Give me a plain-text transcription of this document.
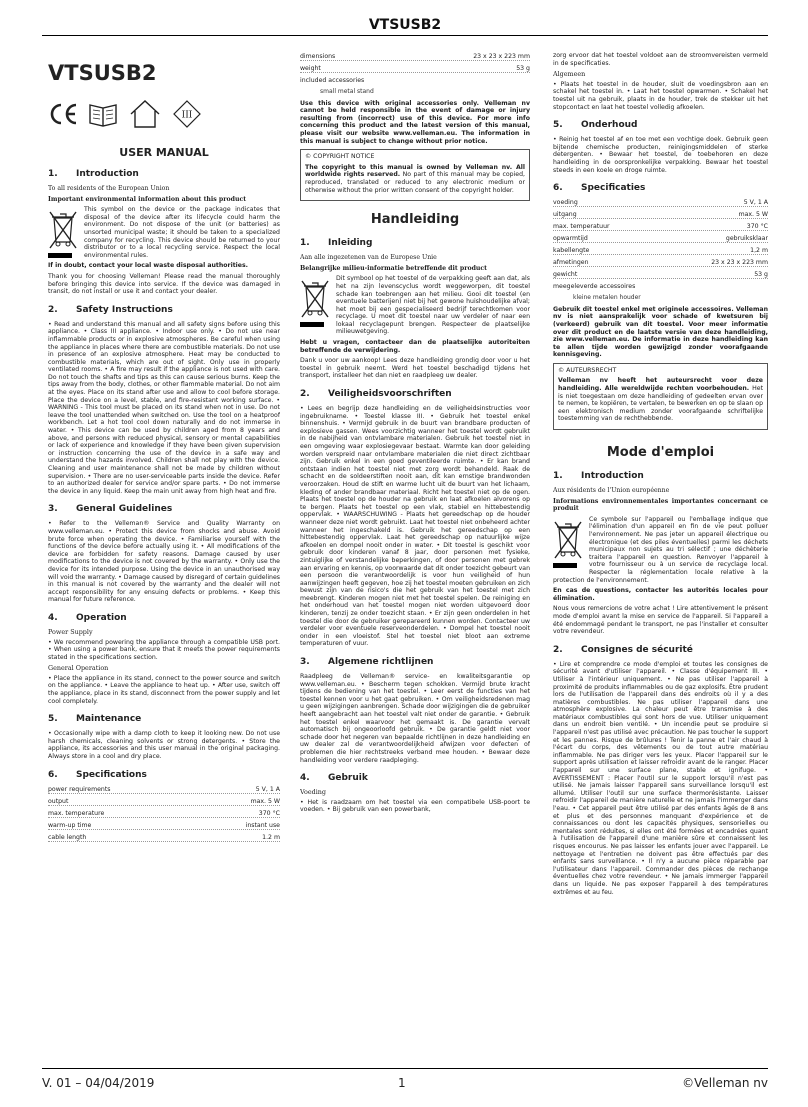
VTSUSB2
VTSUSB2
III
USER MANUAL
1.	Introduction

To all residents of the European Union

Important environmental information about this product

This symbol on the device or the package indicates that disposal of the device after its lifecycle could harm the environment. Do not dispose of the unit (or batteries) as unsorted municipal waste; it should be taken to a specialized company for recycling. This device should be returned to your distributor or to a local recycling service. Respect the local environmental rules.

If in doubt, contact your local waste disposal authorities.

Thank you for choosing Velleman! Please read the manual thoroughly before bringing this device into service. If the device was damaged in transit, do not install or use it and contact your dealer.

2.	Safety Instructions

• Read and understand this manual and all safety signs before using this appliance. • Class III appliance. • Indoor use only. • Do not use near inflammable products or in explosive atmospheres. Be careful when using the appliance in places where there are combustible materials. Do not use in presence of an explosive atmosphere. Heat may be conducted to combustible materials, which are out of sight. Only use in properly ventilated rooms. • A fire may result if the appliance is not used with care. Do not touch the shafts and tips as this can cause serious burns. Keep the tips away from the body, clothes, or other flammable material. Do not aim at the eyes. Place on its stand after use and allow to cool before storage. Place the device on a level, stable, and fire-resistant working surface. • WARNING - This tool must be placed on its stand when not in use. Do not leave the tool unattended when switched on. Use the tool on a heatproof workbench. Let a hot tool cool down naturally and do not immerse in water. • This device can be used by children aged from 8 years and above, and persons with reduced physical, sensory or mental capabilities or lack of experience and knowledge if they have been given supervision or instruction concerning the use of the device in a safe way and understand the hazards involved. Children shall not play with the device. Cleaning and user maintenance shall not be made by children without supervision. • There are no user-serviceable parts inside the device. Refer to an authorized dealer for service and/or spare parts. • Do not immerse the device in any liquid. Keep the main unit away from high heat and fire.

3.	General Guidelines

• Refer to the Velleman® Service and Quality Warranty on www.velleman.eu. • Protect this device from shocks and abuse. Avoid brute force when operating the device. • Familiarise yourself with the functions of the device before actually using it. • All modifications of the device are forbidden for safety reasons. Damage caused by user modifications to the device is not covered by the warranty. • Only use the device for its intended purpose. Using the device in an unauthorised way will void the warranty. • Damage caused by disregard of certain guidelines in this manual is not covered by the warranty and the dealer will not accept responsibility for any ensuing defects or problems. • Keep this manual for future reference.

4.	Operation
Power Supply

• We recommend powering the appliance through a compatible USB port. • When using a power bank, ensure that it meets the power requirements stated in the specifications section.

General Operation

• Place the appliance in its stand, connect to the power source and switch on the appliance. • Leave the appliance to heat up. • After use, switch off the appliance, place in its stand, disconnect from the power supply and let cool completely.

5.	Maintenance

• Occasionally wipe with a damp cloth to keep it looking new. Do not use harsh chemicals, cleaning solvents or strong detergents. • Store the appliance, its accessories and this user manual in the original packaging. Always store in a cool and dry place.

6.	Specifications
power requirements	5 V, 1 A
output	max. 5 W
max. temperature	370 °C
warm-up time	instant use
cable length	1.2 m
dimensions	23 x 23 x 223 mm
weight	53 g
included accessories

small metal stand

Use this device with original accessories only. Velleman nv cannot be held responsible in the event of damage or injury resulting from (incorrect) use of this device. For more info concerning this product and the latest version of this manual, please visit our website www.velleman.eu. The information in this manual is subject to change without prior notice.

© COPYRIGHT NOTICE

The copyright to this manual is owned by Velleman nv. All worldwide rights reserved. No part of this manual may be copied, reproduced, translated or reduced to any electronic medium or otherwise without the prior written consent of the copyright holder.

Handleiding
1.	Inleiding

Aan alle ingezetenen van de Europese Unie

Belangrijke milieu-informatie betreffende dit product

Dit symbool op het toestel of de verpakking geeft aan dat, als het na zijn levenscyclus wordt weggeworpen, dit toestel schade kan toebrengen aan het milieu. Gooi dit toestel (en eventuele batterijen) niet bij het gewone huishoudelijke afval; het moet bij een gespecialiseerd bedrijf terechtkomen voor recyclage. U moet dit toestel naar uw verdeler of naar een lokaal recyclagepunt brengen. Respecteer de plaatselijke milieuwetgeving.

Hebt u vragen, contacteer dan de plaatselijke autoriteiten betreffende de verwijdering.

Dank u voor uw aankoop! Lees deze handleiding grondig door voor u het toestel in gebruik neemt. Werd het toestel beschadigd tijdens het transport, installeer het dan niet en raadpleeg uw dealer.

2.	Veiligheidsvoorschriften

• Lees en begrijp deze handleiding en de veiligheidsinstructies voor ingebruikname. • Toestel klasse III. • Gebruik het toestel enkel binnenshuis. • Vermijd gebruik in de buurt van brandbare producten of explosieve gassen. Wees voorzichtig wanneer het toestel wordt gebruikt in de nabijheid van ontvlambare materialen. Gebruik het toestel niet in een omgeving waar explosiegevaar bestaat. Warmte kan door geleiding worden verspreid naar ontvlambare materialen die niet direct zichtbaar zijn. Gebruik enkel in een goed geventileerde ruimte. • Er kan brand ontstaan indien het toestel niet met zorg wordt behandeld. Raak de schacht en de soldeerstiften nooit aan, dit kan ernstige brandwonden veroorzaken. Houd de stift en warme lucht uit de buurt van het lichaam, kleding of ander brandbaar materiaal. Richt het toestel niet op de ogen. Plaats het toestel op de houder na gebruik en laat afkoelen alvorens op te bergen. Plaats het toestel op een vlak, stabiel en hittebestendig oppervlak. • WAARSCHUWING - Plaats het gereedschap op de houder wanneer deze niet wordt gebruikt. Laat het toestel niet onbeheerd achter wanneer het ingeschakeld is. Gebruik het gereedschap op een hittebestendig oppervlak. Laat het gereedschap op natuurlijke wijze afkoelen en dompel nooit onder in water. • Dit toestel is geschikt voor gebruik door kinderen vanaf 8 jaar, door personen met fysieke, zintuiglijke of verstandelijke beperkingen, of door personen met gebrek aan ervaring en kennis, op voorwaarde dat dit onder toezicht gebeurt van een persoon die verantwoordelijk is voor hun veiligheid of hun aanwijzingen heeft gegeven, hoe zij het toestel moeten gebruiken en zich bewust zijn van de risico's die het gebruik van het toestel met zich meebrengt. Kinderen mogen niet met het toestel spelen. De reiniging en het onderhoud van het toestel mogen niet worden uitgevoerd door kinderen, tenzij ze onder toezicht staan. • Er zijn geen onderdelen in het toestel die door de gebruiker gerepareerd kunnen worden. Contacteer uw verdeler voor eventuele reserveonderdelen. • Dompel het toestel nooit onder in een vloeistof. Stel het toestel niet bloot aan extreme temperaturen of vuur.

3.	Algemene richtlijnen

Raadpleeg de Velleman® service- en kwaliteitsgarantie op www.velleman.eu. • Bescherm tegen schokken. Vermijd brute kracht tijdens de bediening van het toestel. • Leer eerst de functies van het toestel kennen voor u het gaat gebruiken. • Om veiligheidsredenen mag u geen wijzigingen aanbrengen. Schade door wijzigingen die de gebruiker heeft aangebracht aan het toestel valt niet onder de garantie. • Gebruik het toestel enkel waarvoor het gemaakt is. De garantie vervalt automatisch bij ongeoorloofd gebruik. • De garantie geldt niet voor schade door het negeren van bepaalde richtlijnen in deze handleiding en uw dealer zal de verantwoordelijkheid afwijzen voor defecten of problemen die hier rechtstreeks verband mee houden. • Bewaar deze handleiding voor verdere raadpleging.

4.	Gebruik
Voeding

• Het is raadzaam om het toestel via een compatibele USB-poort te voeden. • Bij gebruik van een powerbank,

zorg ervoor dat het toestel voldoet aan de stroomvereisten vermeld in de specificaties.

Algemeen

• Plaats het toestel in de houder, sluit de voedingsbron aan en schakel het toestel in. • Laat het toestel opwarmen. • Schakel het toestel uit na gebruik, plaats in de houder, trek de stekker uit het stopcontact en laat het toestel volledig afkoelen.

5.	Onderhoud

• Reinig het toestel af en toe met een vochtige doek. Gebruik geen bijtende chemische producten, reinigingsmiddelen of sterke detergenten. • Bewaar het toestel, de toebehoren en deze handleiding in de oorspronkelijke verpakking. Bewaar het toestel steeds in een koele en droge ruimte.

6.	Specificaties
voeding	5 V, 1 A
uitgang	max. 5 W
max. temperatuur	370 °C
opwarmtijd	gebruiksklaar
kabellengte	1,2 m
afmetingen	23 x 23 x 223 mm
gewicht	53 g
meegeleverde accessoires

kleine metalen houder

Gebruik dit toestel enkel met originele accessoires. Velleman nv is niet aansprakelijk voor schade of kwetsuren bij (verkeerd) gebruik van dit toestel. Voor meer informatie over dit product en de laatste versie van deze handleiding, zie www.velleman.eu. De informatie in deze handleiding kan te allen tijde worden gewijzigd zonder voorafgaande kennisgeving.

© AUTEURSRECHT

Velleman nv heeft het auteursrecht voor deze handleiding. Alle wereldwijde rechten voorbehouden. Het is niet toegestaan om deze handleiding of gedeelten ervan over te nemen, te kopiëren, te vertalen, te bewerken en op te slaan op een elektronisch medium zonder voorafgaande schriftelijke toestemming van de rechthebbende.

Mode d'emploi
1.	Introduction

Aux résidents de l'Union européenne

Informations environnementales importantes concernant ce produit

Ce symbole sur l'appareil ou l'emballage indique que l'élimination d'un appareil en fin de vie peut polluer l'environnement. Ne pas jeter un appareil électrique ou électronique (et des piles éventuelles) parmi les déchets municipaux non sujets au tri sélectif ; une déchèterie traitera l'appareil en question. Renvoyer l'appareil à votre fournisseur ou à un service de recyclage local. Respecter la réglementation locale relative à la protection de l'environnement.

En cas de questions, contacter les autorités locales pour élimination.

Nous vous remercions de votre achat ! Lire attentivement le présent mode d'emploi avant la mise en service de l'appareil. Si l'appareil a été endommagé pendant le transport, ne pas l'installer et consulter votre revendeur.

2.	Consignes de sécurité

• Lire et comprendre ce mode d'emploi et toutes les consignes de sécurité avant d'utiliser l'appareil. • Classe d'équipement III. • Utiliser à l'intérieur uniquement. • Ne pas utiliser l'appareil à proximité de produits inflammables ou de gaz explosifs. Être prudent lors de l'utilisation de l'appareil dans des endroits où il y a des matières combustibles. Ne pas utiliser l'appareil dans une atmosphère explosive. La chaleur peut être transmise à des matériaux combustibles qui sont hors de vue. Utiliser uniquement dans un endroit bien ventilé. • Un incendie peut se produire si l'appareil n'est pas utilisé avec précaution. Ne pas toucher le support et les pannes. Risque de brûlures ! Tenir la panne et l'air chaud à l'écart du corps, des vêtements ou de tout autre matériau inflammable. Ne pas diriger vers les yeux. Placer l'appareil sur le support après utilisation et laisser refroidir avant de le ranger. Placer l'appareil sur une surface plane, stable et ignifuge. • AVERTISSEMENT : Placer l'outil sur le support lorsqu'il n'est pas utilisé. Ne jamais laisser l'appareil sans surveillance lorsqu'il est allumé. Utiliser l'outil sur une surface thermorésistante. Laisser refroidir l'appareil de manière naturelle et ne jamais l'immerger dans l'eau. • Cet appareil peut être utilisé par des enfants âgés de 8 ans et plus et des personnes manquant d'expérience et de connaissances ou dont les capacités physiques, sensorielles ou mentales sont réduites, si elles ont été formées et encadrées quant à l'utilisation de l'appareil d'une manière sûre et connaissent les risques encourus. Ne pas laisser les enfants jouer avec l'appareil. Le nettoyage et l'entretien ne doivent pas être effectués par des enfants sans surveillance. • Il n'y a aucune pièce réparable par l'utilisateur dans l'appareil. Commander des pièces de rechange éventuelles chez votre revendeur. • Ne jamais immerger l'appareil dans un liquide. Ne pas exposer l'appareil à des températures extrêmes et au feu.

V. 01 – 04/04/2019	1	©Velleman nv
